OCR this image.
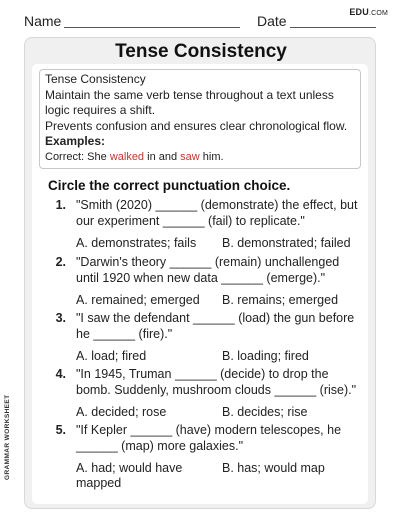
Name	Date
EDU.COM
Tense Consistency
Tense Consistency
Maintain the same verb tense throughout a text unless logic requires a shift.
Prevents confusion and ensures clear chronological flow.
Examples:
Correct: She walked in and saw him.
Circle the correct punctuation choice.
1. "Smith (2020) ______ (demonstrate) the effect, but our experiment ______ (fail) to replicate."
A. demonstrates; fails	B. demonstrated; failed
2. "Darwin's theory ______ (remain) unchallenged until 1920 when new data ______ (emerge)."
A. remained; emerged	B. remains; emerged
3. "I saw the defendant ______ (load) the gun before he ______ (fire)."
A. load; fired	B. loading; fired
4. "In 1945, Truman ______ (decide) to drop the bomb. Suddenly, mushroom clouds ______ (rise)."
A. decided; rose	B. decides; rise
5. "If Kepler ______ (have) modern telescopes, he ______ (map) more galaxies."
A. had; would have mapped
B. has; would map
GRAMMAR WORKSHEET
